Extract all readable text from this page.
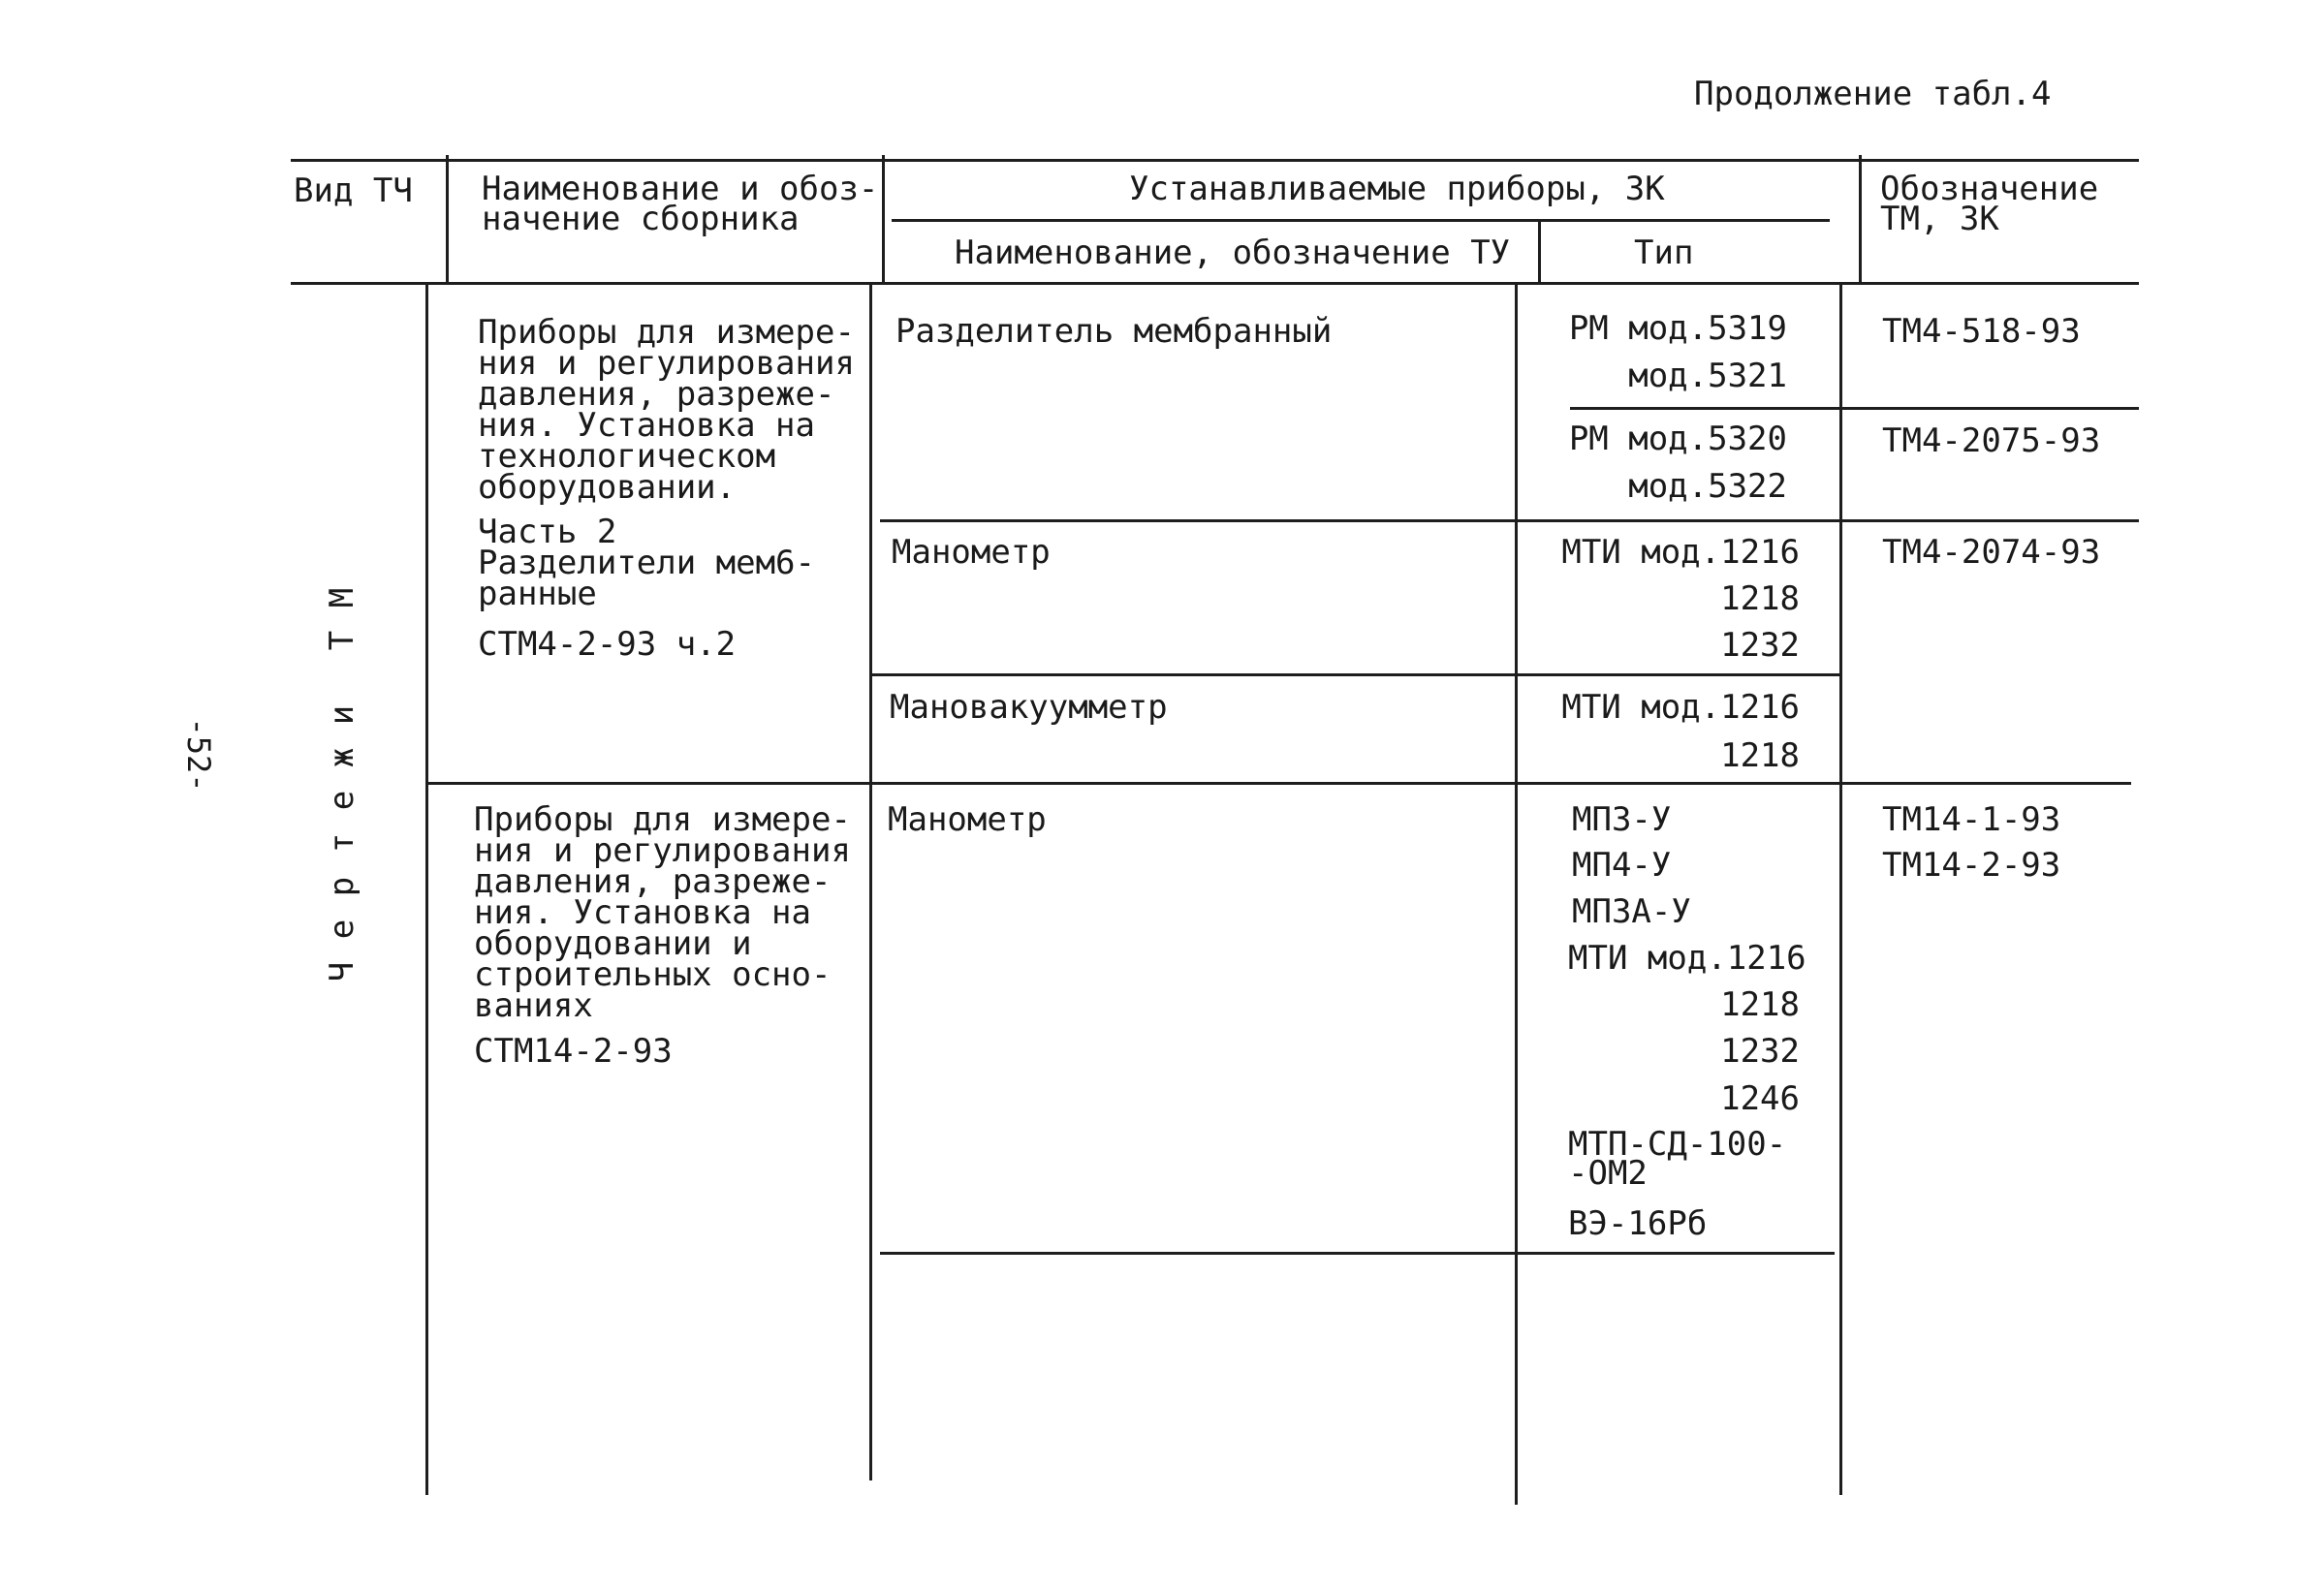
Продолжение табл.4
-52-
Вид ТЧ Наименование и обоз-
начение сборника
Устанавливаемые приборы, ЗК
Наименование, обозначение ТУ	Тип
Обозначение
ТМ, ЗК
Ч
е
р
т
е
ж
и
Т
М
Приборы для измере-
ния и регулирования
давления, разреже-
ния. Установка на
технологическом
оборудовании.
Часть 2
Разделители мем6-
ранные
СТМ4-2-93 ч.2
Разделитель мембранный
Манометр
Мановакуумметр
РМ мод.5319
мод.5321
РМ мод.5320
мод.5322
МТИ мод.1216
1218
1232
МТИ мод.1216
1218
ТМ4-518-93
ТМ4-2075-93
ТМ4-2074-93
Приборы для измере-
ния и регулирования
давления, разреже-
ния. Установка на
оборудовании и
строительных осно-
ваниях
СТМ14-2-93
Манометр	МП3-У
МП4-У
МП3А-У
МТИ мод.1216
1218
1232
1246
МТП-СД-100-
-ОМ2
ВЭ-16Рб
ТМ14-1-93
ТМ14-2-93
